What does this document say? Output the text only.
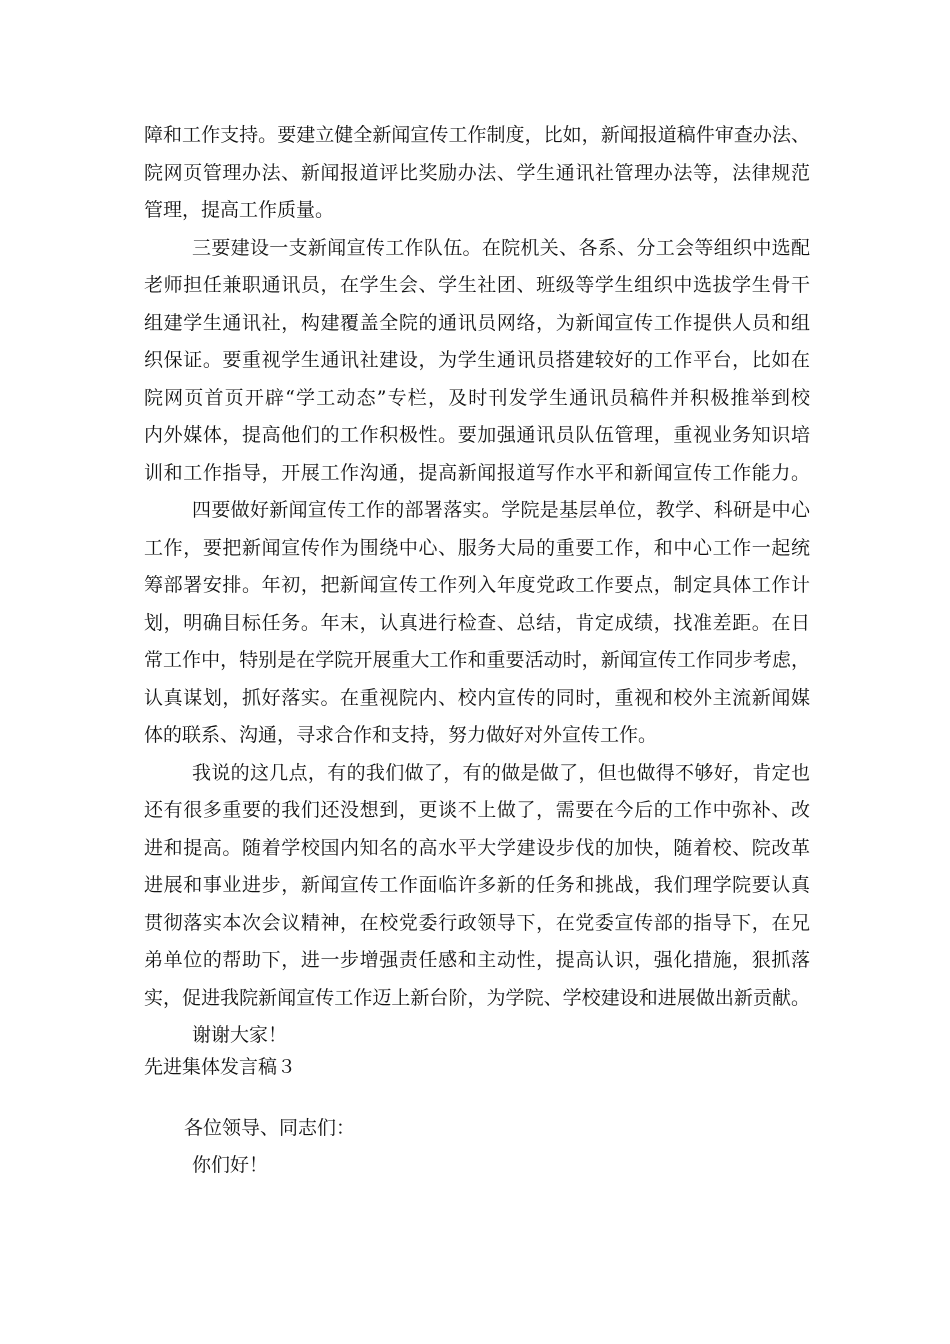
障和工作支持。要建立健全新闻宣传工作制度，比如，新闻报道稿件审查办法、
院网页管理办法、新闻报道评比奖励办法、学生通讯社管理办法等，法律规范
管理，提高工作质量。
三要建设一支新闻宣传工作队伍。在院机关、各系、分工会等组织中选配
老师担任兼职通讯员，在学生会、学生社团、班级等学生组织中选拔学生骨干
组建学生通讯社，构建覆盖全院的通讯员网络，为新闻宣传工作提供人员和组
织保证。要重视学生通讯社建设，为学生通讯员搭建较好的工作平台，比如在
院网页首页开辟“学工动态”专栏，及时刊发学生通讯员稿件并积极推举到校
内外媒体，提高他们的工作积极性。要加强通讯员队伍管理，重视业务知识培
训和工作指导，开展工作沟通，提高新闻报道写作水平和新闻宣传工作能力。
四要做好新闻宣传工作的部署落实。学院是基层单位，教学、科研是中心
工作，要把新闻宣传作为围绕中心、服务大局的重要工作，和中心工作一起统
筹部署安排。年初，把新闻宣传工作列入年度党政工作要点，制定具体工作计
划，明确目标任务。年末，认真进行检查、总结，肯定成绩，找准差距。在日
常工作中，特别是在学院开展重大工作和重要活动时，新闻宣传工作同步考虑，
认真谋划，抓好落实。在重视院内、校内宣传的同时，重视和校外主流新闻媒
体的联系、沟通，寻求合作和支持，努力做好对外宣传工作。
我说的这几点，有的我们做了，有的做是做了，但也做得不够好，肯定也
还有很多重要的我们还没想到，更谈不上做了，需要在今后的工作中弥补、改
进和提高。随着学校国内知名的高水平大学建设步伐的加快，随着校、院改革
进展和事业进步，新闻宣传工作面临许多新的任务和挑战，我们理学院要认真
贯彻落实本次会议精神，在校党委行政领导下，在党委宣传部的指导下，在兄
弟单位的帮助下，进一步增强责任感和主动性，提高认识，强化措施，狠抓落
实，促进我院新闻宣传工作迈上新台阶，为学院、学校建设和进展做出新贡献。
谢谢大家！
先进集体发言稿３
各位领导、同志们：
你们好！
